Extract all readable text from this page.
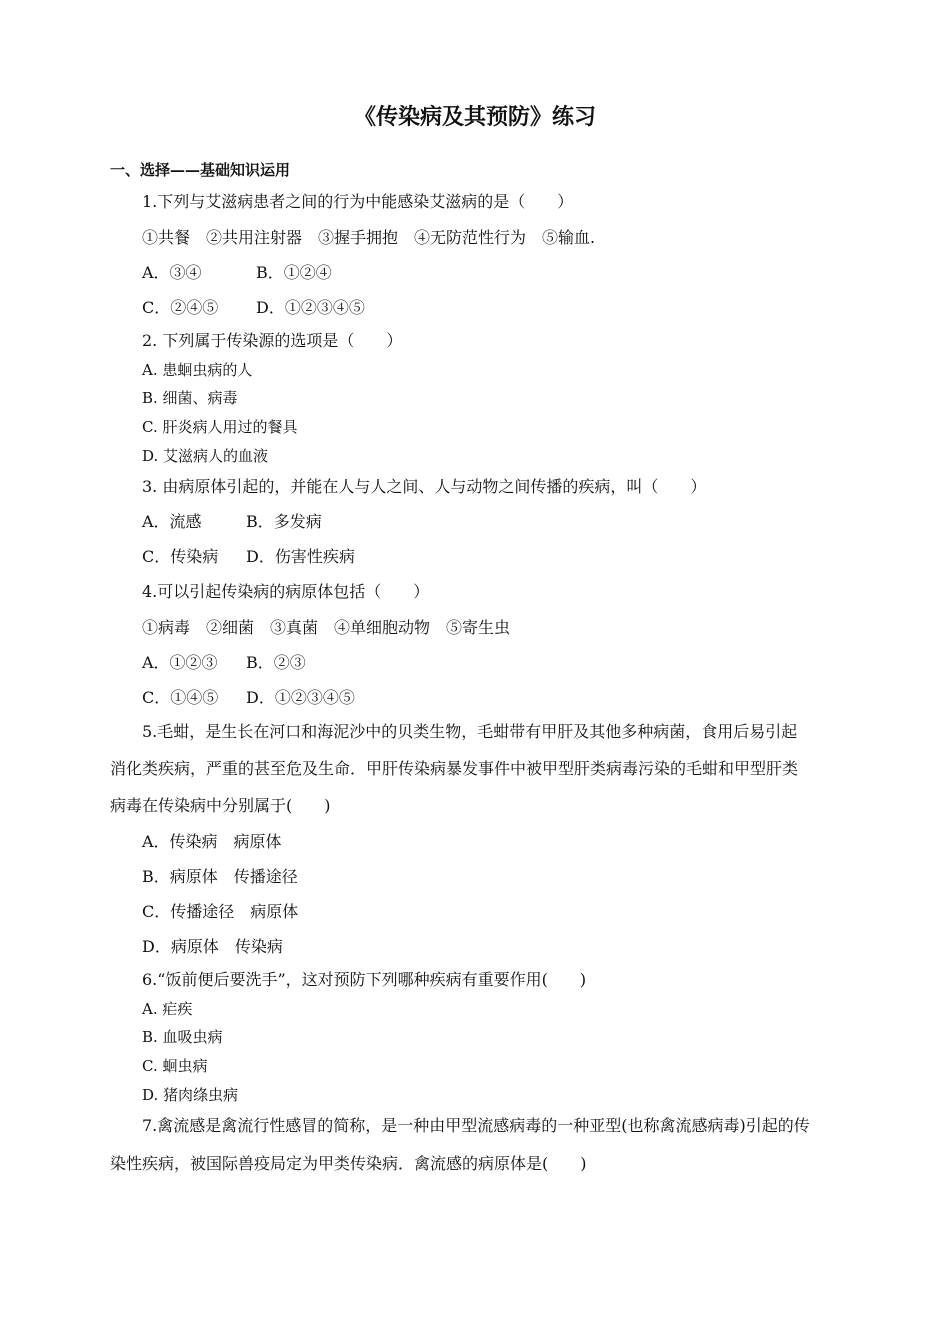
《传染病及其预防》练习
一、选择——基础知识运用
1.下列与艾滋病患者之间的行为中能感染艾滋病的是（　　）
①共餐　②共用注射器　③握手拥抱　④无防范性行为　⑤输血.
A．③④	B．①②④
C．②④⑤ D．①②③④⑤
2. 下列属于传染源的选项是（　　）
A. 患蛔虫病的人
B. 细菌、病毒
C. 肝炎病人用过的餐具
D. 艾滋病人的血液
3. 由病原体引起的，并能在人与人之间、人与动物之间传播的疾病，叫（　　）
A．流感	B．多发病
C．传染病 D．伤害性疾病
4.可以引起传染病的病原体包括（　　）
①病毒　②细菌　③真菌　④单细胞动物　⑤寄生虫
A．①②③ B．②③
C．①④⑤ D．①②③④⑤
5.毛蚶，是生长在河口和海泥沙中的贝类生物，毛蚶带有甲肝及其他多种病菌，食用后易引起
消化类疾病，严重的甚至危及生命．甲肝传染病暴发事件中被甲型肝类病毒污染的毛蚶和甲型肝类
病毒在传染病中分别属于(　　)
A．传染病　病原体
B．病原体　传播途径
C．传播途径　病原体
D．病原体　传染病
6.“饭前便后要洗手”，这对预防下列哪种疾病有重要作用(　　)
A. 疟疾
B. 血吸虫病
C. 蛔虫病
D. 猪肉绦虫病
7.禽流感是禽流行性感冒的简称，是一种由甲型流感病毒的一种亚型(也称禽流感病毒)引起的传
染性疾病，被国际兽疫局定为甲类传染病．禽流感的病原体是(　　)
